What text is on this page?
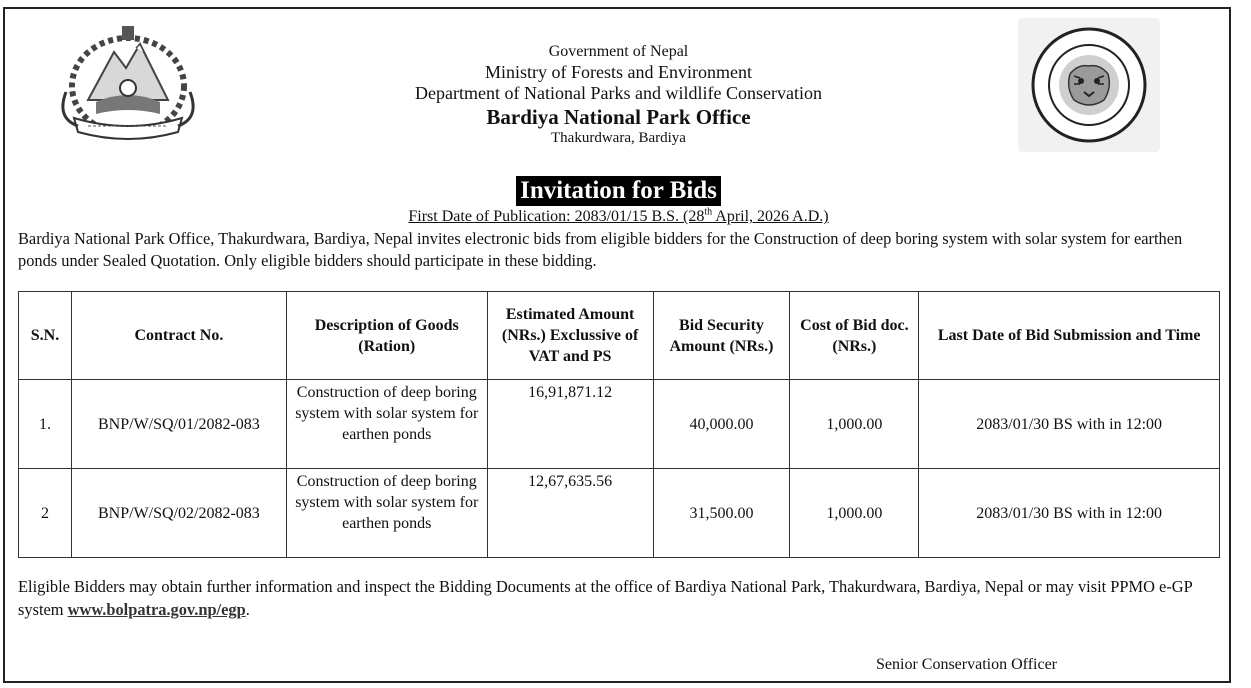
Government of Nepal
Ministry of Forests and Environment
Department of National Parks and wildlife Conservation
Bardiya National Park Office
Thakurdwara, Bardiya
Invitation for Bids
First Date of Publication: 2083/01/15 B.S. (28th April, 2026 A.D.)
Bardiya National Park Office, Thakurdwara, Bardiya, Nepal invites electronic bids from eligible bidders for the Construction of deep boring system with solar system for earthen ponds under Sealed Quotation. Only eligible bidders should participate in these bidding.
S.N.	Contract No.	Description of Goods (Ration)	Estimated Amount (NRs.) Exclussive of VAT and PS	Bid Security Amount (NRs.)	Cost of Bid doc. (NRs.)	Last Date of Bid Submission and Time
1.	BNP/W/SQ/01/2082-083	Construction of deep boring system with solar system for earthen ponds	16,91,871.12	40,000.00	1,000.00	2083/01/30 BS with in 12:00
2	BNP/W/SQ/02/2082-083	Construction of deep boring system with solar system for earthen ponds	12,67,635.56	31,500.00	1,000.00	2083/01/30 BS with in 12:00
Eligible Bidders may obtain further information and inspect the Bidding Documents at the office of Bardiya National Park, Thakurdwara, Bardiya, Nepal or may visit PPMO e-GP system www.bolpatra.gov.np/egp.
Senior Conservation Officer
